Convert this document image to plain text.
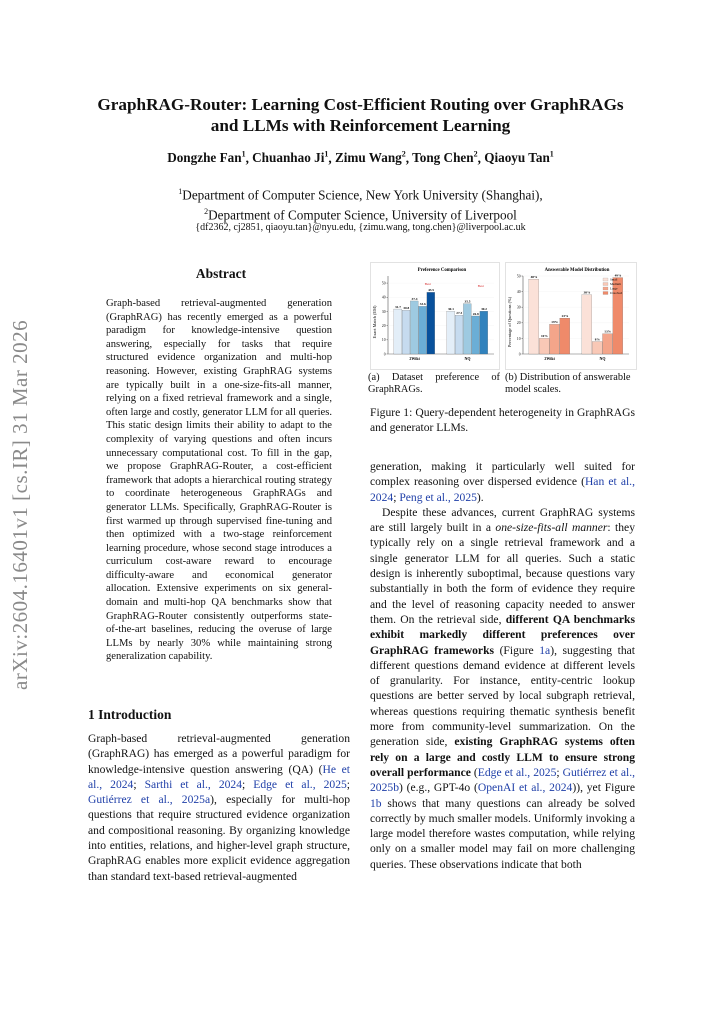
arXiv:2604.16401v1 [cs.IR] 31 Mar 2026
GraphRAG-Router: Learning Cost-Efficient Routing over GraphRAGs
and LLMs with Reinforcement Learning
Dongzhe Fan$^1$, Chuanhao Ji$^1$, Zimu Wang$^2$, Tong Chen$^2$, Qiaoyu Tan$^1$
$^1$Department of Computer Science, New York University (Shanghai),
$^2$Department of Computer Science, University of Liverpool
{df2362, cj2851, qiaoyu.tan}@nyu.edu, {zimu.wang, tong.chen}@liverpool.ac.uk
Abstract
Graph-based retrieval-augmented generation (GraphRAG) has recently emerged as a powerful paradigm for knowledge-intensive question answering, especially for tasks that require structured evidence organization and multi-hop reasoning. However, existing GraphRAG systems are typically built in a one-size-fits-all manner, relying on a fixed retrieval framework and a single, often large and costly, generator LLM for all queries. This static design limits their ability to adapt to the complexity of varying questions and often incurs unnecessary computational cost. To fill in the gap, we propose GraphRAG-Router, a cost-efficient framework that adopts a hierarchical routing strategy to coordinate heterogeneous GraphRAGs and generator LLMs. Specifically, GraphRAG-Router is first warmed up through supervised fine-tuning and then optimized with a two-stage reinforcement learning procedure, whose second stage introduces a curriculum cost-aware reward to encourage difficulty-aware and economical generator allocation. Extensive experiments on six general-domain and multi-hop QA benchmarks show that GraphRAG-Router consistently outperforms state-of-the-art baselines, reducing the overuse of large LLMs by nearly 30% while maintaining strong generalization capability.
1 Introduction
Graph-based retrieval-augmented generation (GraphRAG) has emerged as a powerful paradigm for knowledge-intensive question answering (QA) (He et al., 2024; Sarthi et al., 2024; Edge et al., 2025; Gutiérrez et al., 2025a), especially for multi-hop questions that require structured evidence organization and compositional reasoning. By organizing knowledge into entities, relations, and higher-level graph structure, GraphRAG enables more explicit evidence aggregation than standard text-based retrieval-augmented
Preference Comparison
Exact Match (EM)
0
10
20
30
40
50
31.7 30.8
37.4
33.6
43.5
2Wiki
30.1
27.3
35.5
26.8
30.2
NQ
Best	Best
Answerable Model Distribution
Percentage of Questions (%)
0
10
20
30
40
50	48%
10%
19%
23%
2Wiki
38%
8%
13%
49%
NQ
Small
Medium
Large
Unsolved
(a) Dataset preference of GraphRAGs.
(b) Distribution of answerable model scales.
Figure 1: Query-dependent heterogeneity in GraphRAGs and generator LLMs.

generation, making it particularly well suited for complex reasoning over dispersed evidence (Han et al., 2024; Peng et al., 2025).

Despite these advances, current GraphRAG systems are still largely built in a one-size-fits-all manner: they typically rely on a single retrieval framework and a single generator LLM for all queries. Such a static design is inherently suboptimal, because questions vary substantially in both the form of evidence they require and the level of reasoning capacity needed to answer them. On the retrieval side, different QA benchmarks exhibit markedly different preferences over GraphRAG frameworks (Figure 1a), suggesting that different questions demand evidence at different levels of granularity. For instance, entity-centric lookup questions are better served by local subgraph retrieval, whereas questions requiring thematic synthesis benefit more from community-level summarization. On the generation side, existing GraphRAG systems often rely on a large and costly LLM to ensure strong overall performance (Edge et al., 2025; Gutiérrez et al., 2025b) (e.g., GPT-4o (OpenAI et al., 2024)), yet Figure 1b shows that many questions can already be solved correctly by much smaller models. Uniformly invoking a large model therefore wastes computation, while relying only on a smaller model may fail on more challenging queries. These observations indicate that both
